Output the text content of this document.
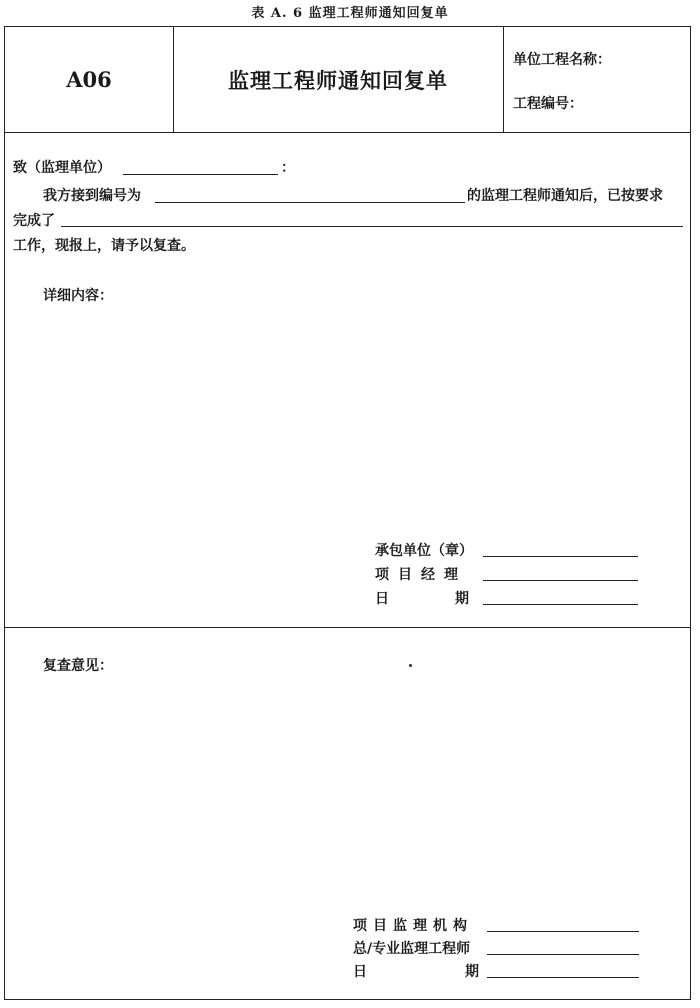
表 A. 6 监理工程师通知回复单
A06	监理工程师通知回复单
单位工程名称：
工程编号：
致（监理单位）	：
我方接到编号为	的监理工程师通知后，已按要求
完成了
工作，现报上，请予以复查。
详细内容：
承包单位（章）
项目经理
日期
复查意见：
项目监理机构
总/专业监理工程师
日期
